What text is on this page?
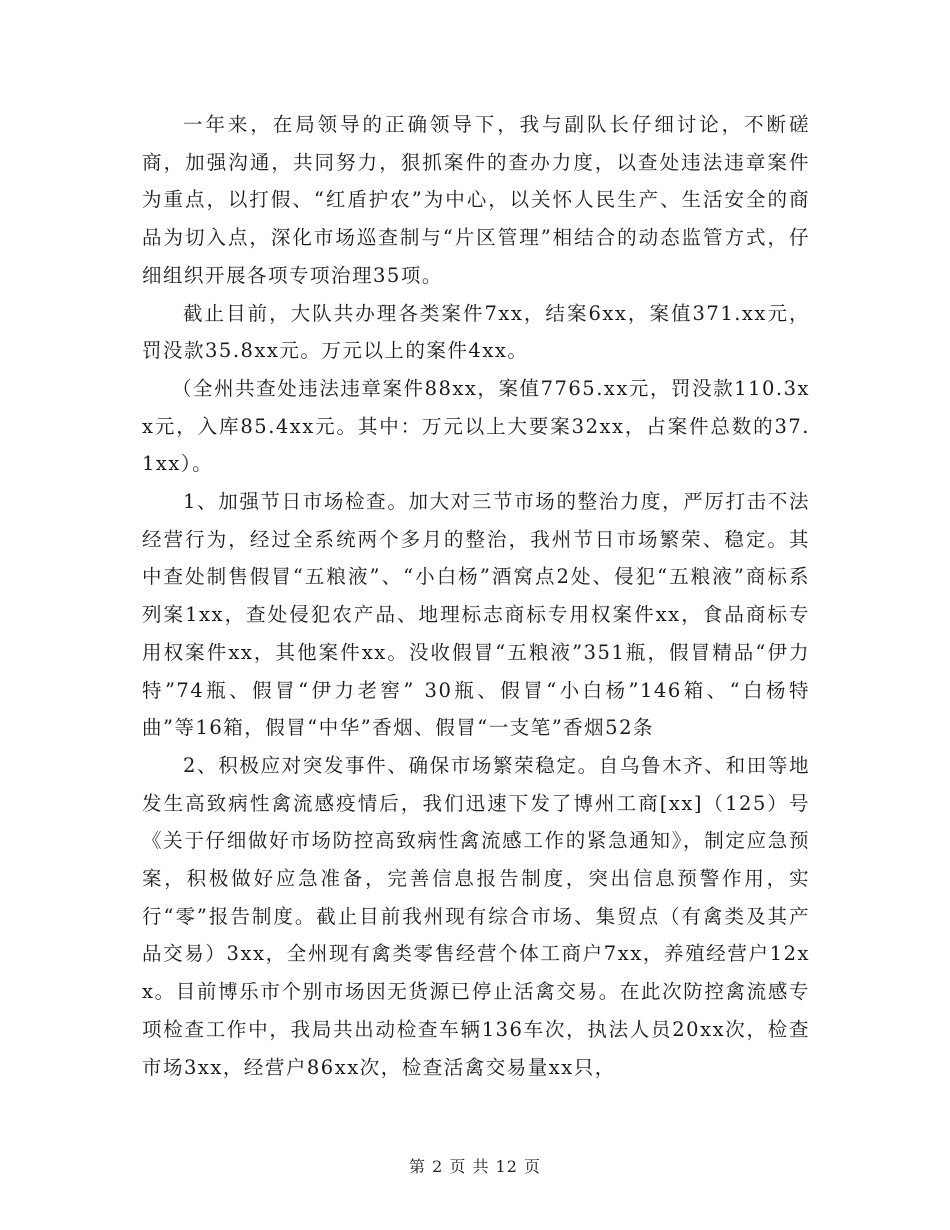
一年来，在局领导的正确领导下，我与副队长仔细讨论，不断磋商，加强沟通，共同努力，狠抓案件的查办力度，以查处违法违章案件为重点，以打假、“红盾护农”为中心，以关怀人民生产、生活安全的商品为切入点，深化市场巡查制与“片区管理”相结合的动态监管方式，仔细组织开展各项专项治理35项。

截止目前，大队共办理各类案件7xx，结案6xx，案值371.xx元，罚没款35.8xx元。万元以上的案件4xx。

（全州共查处违法违章案件88xx，案值7765.xx元，罚没款110.3xx元，入库85.4xx元。其中：万元以上大要案32xx，占案件总数的37.1xx）。

1、加强节日市场检查。加大对三节市场的整治力度，严厉打击不法经营行为，经过全系统两个多月的整治，我州节日市场繁荣、稳定。其中查处制售假冒“五粮液”、“小白杨”酒窝点2处、侵犯“五粮液”商标系列案1xx，查处侵犯农产品、地理标志商标专用权案件xx，食品商标专用权案件xx，其他案件xx。没收假冒“五粮液”351瓶，假冒精品“伊力特”74瓶、假冒“伊力老窖” 30瓶、假冒“小白杨”146箱、“白杨特曲”等16箱，假冒“中华”香烟、假冒“一支笔”香烟52条

2、积极应对突发事件、确保市场繁荣稳定。自乌鲁木齐、和田等地发生高致病性禽流感疫情后，我们迅速下发了博州工商[xx]（125）号《关于仔细做好市场防控高致病性禽流感工作的紧急通知》，制定应急预案，积极做好应急准备，完善信息报告制度，突出信息预警作用，实行“零”报告制度。截止目前我州现有综合市场、集贸点（有禽类及其产品交易）3xx，全州现有禽类零售经营个体工商户7xx，养殖经营户12xx。目前博乐市个别市场因无货源已停止活禽交易。在此次防控禽流感专项检查工作中，我局共出动检查车辆136车次，执法人员20xx次，检查市场3xx，经营户86xx次，检查活禽交易量xx只，

第 2 页 共 12 页
